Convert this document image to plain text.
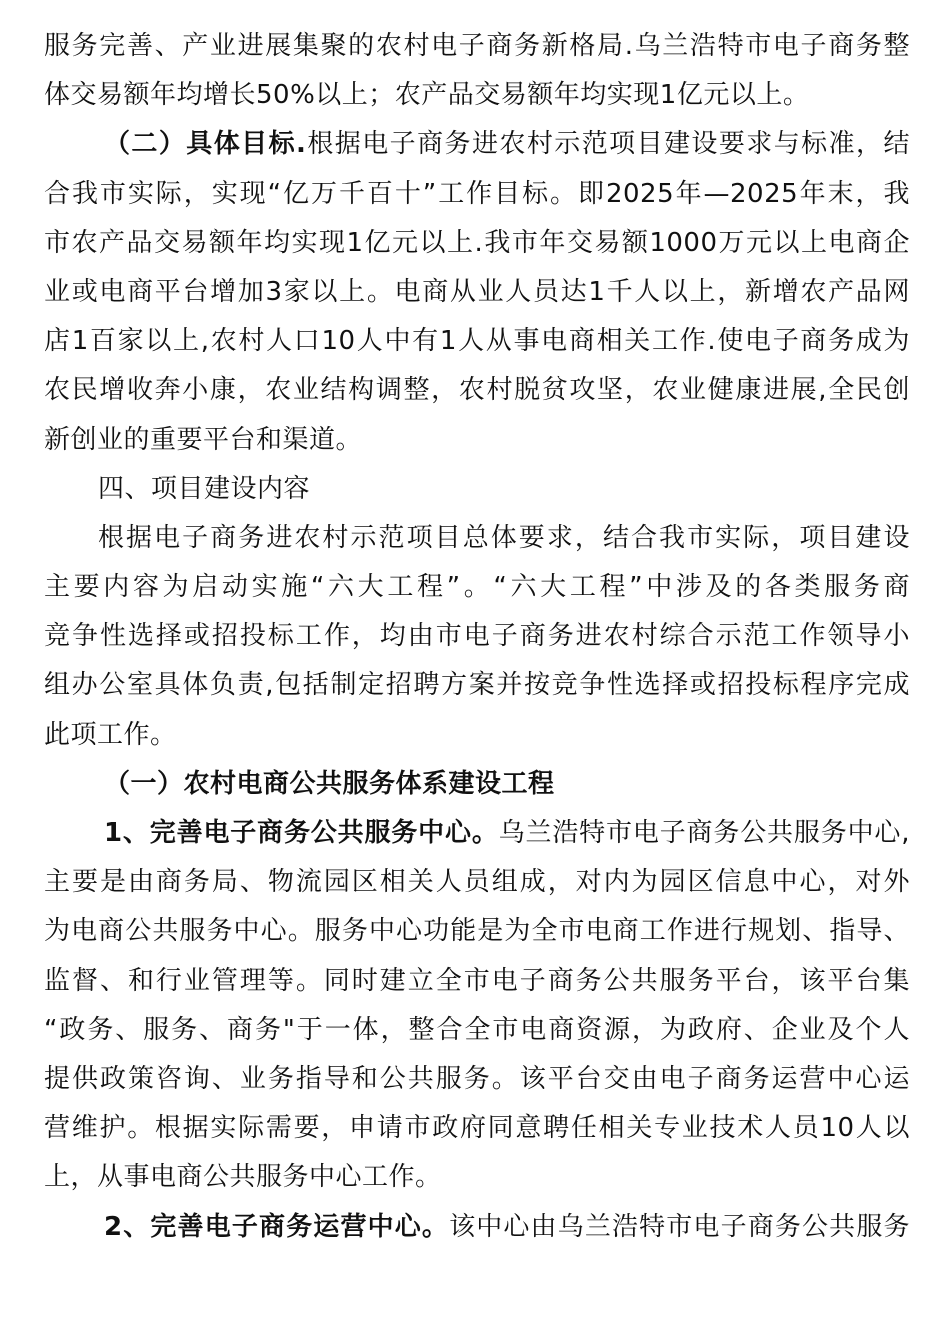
服务完善、产业进展集聚的农村电子商务新格局.乌兰浩特市电子商务整
体交易额年均增长50%以上；农产品交易额年均实现1亿元以上。
（二）具体目标.根据电子商务进农村示范项目建设要求与标准，结
合我市实际，实现“亿万千百十”工作目标。即2025年—2025年末，我
市农产品交易额年均实现1亿元以上.我市年交易额1000万元以上电商企
业或电商平台增加3家以上。电商从业人员达1千人以上，新增农产品网
店1百家以上,农村人口10人中有1人从事电商相关工作.使电子商务成为
农民增收奔小康，农业结构调整，农村脱贫攻坚，农业健康进展,全民创
新创业的重要平台和渠道。
四、项目建设内容
根据电子商务进农村示范项目总体要求，结合我市实际，项目建设
主要内容为启动实施“六大工程”。“六大工程”中涉及的各类服务商
竞争性选择或招投标工作，均由市电子商务进农村综合示范工作领导小
组办公室具体负责,包括制定招聘方案并按竞争性选择或招投标程序完成
此项工作。
（一）农村电商公共服务体系建设工程
1、完善电子商务公共服务中心。乌兰浩特市电子商务公共服务中心,
主要是由商务局、物流园区相关人员组成，对内为园区信息中心，对外
为电商公共服务中心。服务中心功能是为全市电商工作进行规划、指导、
监督、和行业管理等。同时建立全市电子商务公共服务平台，该平台集
“政务、服务、商务"于一体，整合全市电商资源，为政府、企业及个人
提供政策咨询、业务指导和公共服务。该平台交由电子商务运营中心运
营维护。根据实际需要，申请市政府同意聘任相关专业技术人员10人以
上，从事电商公共服务中心工作。
2、完善电子商务运营中心。该中心由乌兰浩特市电子商务公共服务
